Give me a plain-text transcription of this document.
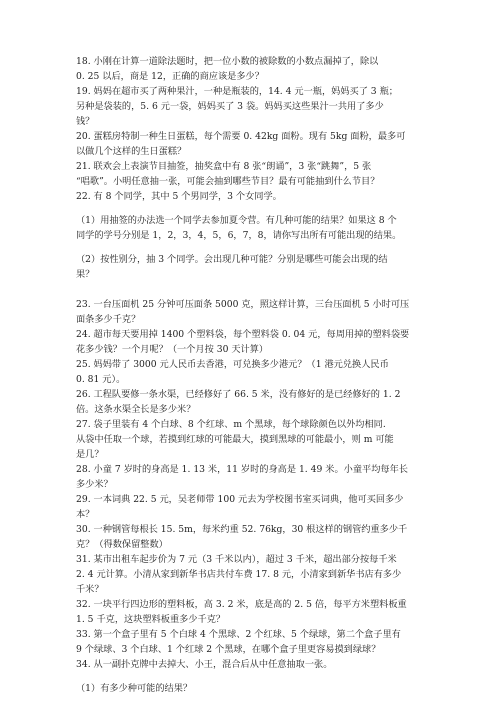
18. 小刚在计算一道除法题时，把一位小数的被除数的小数点漏掉了，除以

0. 25 以后，商是 12，正确的商应该是多少？

19. 妈妈在超市买了两种果汁，一种是瓶装的，14. 4 元一瓶，妈妈买了 3 瓶；

另种是袋装的，5. 6 元一袋，妈妈买了 3 袋。妈妈买这些果汁一共用了多少

钱？

20. 蛋糕房特制一种生日蛋糕，每个需要 0. 42kg 面粉。现有 5kg 面粉，最多可

以做几个这样的生日蛋糕？

21. 联欢会上表演节目抽签，抽奖盒中有 8 张“朗诵”，3 张“跳舞”，5 张

“唱歌”。小明任意抽一张，可能会抽到哪些节目？最有可能抽到什么节目？

22. 有 8 个同学，其中 5 个男同学，3 个女同学。

（1）用抽签的办法选一个同学去参加夏令营。有几种可能的结果？如果这 8 个

同学的学号分别是 1，2，3，4，5，6，7，8，请你写出所有可能出现的结果。

（2）按性别分，抽 3 个同学。会出现几种可能？分别是哪些可能会出现的结

果？

23. 一台压面机 25 分钟可压面条 5000 克，照这样计算，三台压面机 5 小时可压

面条多少千克？

24. 超市每天要用掉 1400 个塑料袋，每个塑料袋 0. 04 元，每周用掉的塑料袋要

花多少钱？一个月呢？（一个月按 30 天计算）

25. 妈妈带了 3000 元人民币去香港，可兑换多少港元？（1 港元兑换人民币

0. 81 元）。

26. 工程队要修一条水渠，已经修好了 66. 5 米，没有修好的是已经修好的 1. 2

倍。这条水渠全长是多少米？

27. 袋子里装有 4 个白球、8 个红球、m 个黑球，每个球除颜色以外均相同.

从袋中任取一个球，若摸到红球的可能最大，摸到黑球的可能最小，则 m 可能

是几？

28. 小童 7 岁时的身高是 1. 13 米，11 岁时的身高是 1. 49 米。小童平均每年长

多少米？

29. 一本词典 22. 5 元，吴老师带 100 元去为学校图书室买词典，他可买回多少

本？

30. 一种钢管每根长 15. 5m，每米约重 52. 76kg，30 根这样的钢管约重多少千

克？（得数保留整数）

31. 某市出租车起步价为 7 元（3 千米以内），超过 3 千米，超出部分按每千米

2. 4 元计算。小清从家到新华书店共付车费 17. 8 元，小清家到新华书店有多少

千米？

32. 一块平行四边形的塑料板，高 3. 2 米，底是高的 2. 5 倍，每平方米塑料板重

1. 5 千克，这块塑料板重多少千克？

33. 第一个盒子里有 5 个白球 4 个黑球、2 个红球、5 个绿球，第二个盒子里有

9 个绿球、3 个白球、1 个红球 2 个黑球，在哪个盒子里更容易摸到绿球？

34. 从一副扑克牌中去掉大、小王，混合后从中任意抽取一张。

（1）有多少种可能的结果？
